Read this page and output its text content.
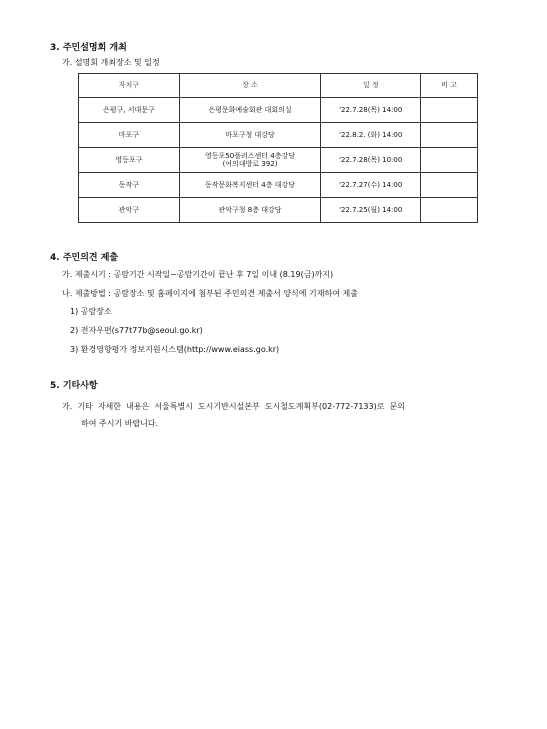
3. 주민설명회 개최
가. 설명회 개최장소 및 일정
자치구	장 소	일 정	비 고
은평구, 서대문구	은평문화예술회관 대회의실	'22.7.28(목) 14:00	
마포구	마포구청 대강당	'22.8.2. (화) 14:00	
영등포구	영등포50플러스센터 4층강당
(여의대방로 392)	'22.7.28(목) 10:00	
동작구	동작문화복지센터 4층 대강당	'22.7.27(수) 14:00	
관악구	관악구청 8층 대강당	'22.7.25(월) 14:00	
4. 주민의견 제출
가. 제출시기 : 공람기간 시작일~공람기간이 끝난 후 7일 이내 (8.19(금)까지)
나. 제출방법 : 공람장소 및 홈페이지에 첨부된 주민의견 제출서 양식에 기재하여 제출
1) 공람장소
2) 전자우편(s77t77b@seoul.go.kr)
3) 환경영향평가 정보지원시스템(http://www.eiass.go.kr)
5. 기타사항
가. 기타 자세한 내용은 서울특별시 도시기반시설본부 도시철도계획부(02-772-7133)로 문의
하여 주시기 바랍니다.
